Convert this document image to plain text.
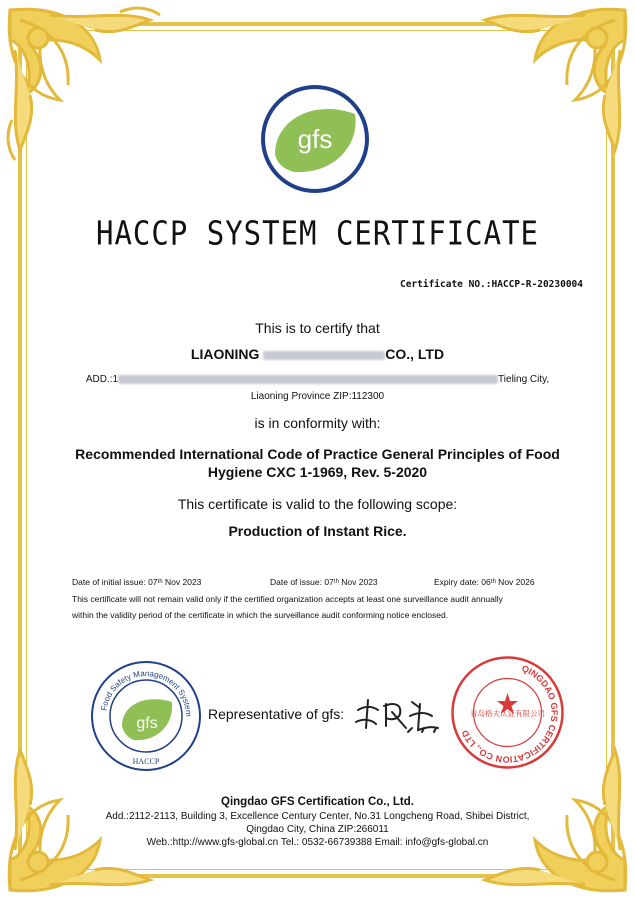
gfs
HACCP SYSTEM CERTIFICATE
Certificate NO.:HACCP-R-20230004
This is to certify that
LIAONING	CO., LTD
ADD.:1	Tieling City,
Liaoning Province ZIP:112300
is in conformity with:
Recommended International Code of Practice General Principles of Food
Hygiene CXC 1-1969, Rev. 5-2020
This certificate is valid to the following scope:
Production of Instant Rice.
Date of initial issue: 07ᵗʰ Nov 2023	Date of issue: 07ᵗʰ Nov 2023	Expiry date: 06ᵗʰ Nov 2026
This certificate will not remain valid only if the certified organization accepts at least one surveillance audit annually
within the validity period of the certificate in which the surveillance audit conforming notice enclosed.
Food Safety Management System
gfs
HACCP
Representative of gfs:
QINGDAO GFS CERTIFICATION CO., LTD
青岛格夫认证有限公司
Qingdao GFS Certification Co., Ltd.
Add.:2112-2113, Building 3, Excellence Century Center, No.31 Longcheng Road, Shibei District,
Qingdao City, China ZIP:266011
Web.:http://www.gfs-global.cn Tel.: 0532-66739388 Email: info@gfs-global.cn
